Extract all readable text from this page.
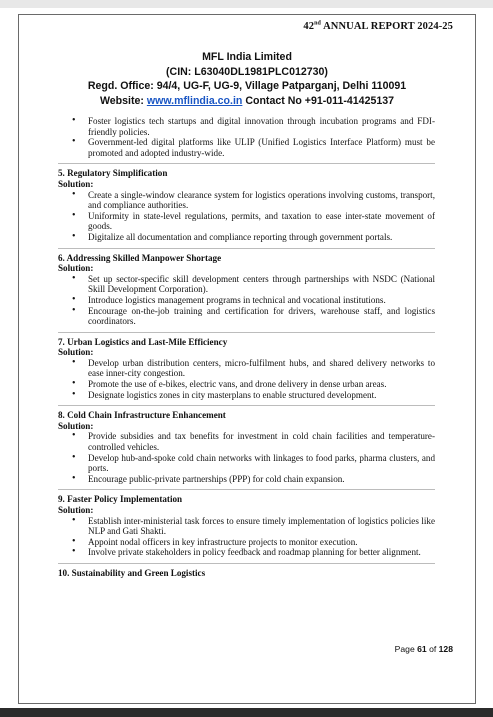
42nd ANNUAL REPORT 2024-25
MFL India Limited
(CIN: L63040DL1981PLC012730)
Regd. Office: 94/4, UG-F, UG-9, Village Patparganj, Delhi 110091
Website: www.mflindia.co.in Contact No +91-011-41425137
• Foster logistics tech startups and digital innovation through incubation programs and FDI-friendly policies.
• Government-led digital platforms like ULIP (Unified Logistics Interface Platform) must be promoted and adopted industry-wide.
5. Regulatory Simplification
Solution:
• Create a single-window clearance system for logistics operations involving customs, transport, and compliance authorities.
• Uniformity in state-level regulations, permits, and taxation to ease inter-state movement of goods.
• Digitalize all documentation and compliance reporting through government portals.
6. Addressing Skilled Manpower Shortage
Solution:
• Set up sector-specific skill development centers through partnerships with NSDC (National Skill Development Corporation).
• Introduce logistics management programs in technical and vocational institutions.
• Encourage on-the-job training and certification for drivers, warehouse staff, and logistics coordinators.
7. Urban Logistics and Last-Mile Efficiency
Solution:
• Develop urban distribution centers, micro-fulfilment hubs, and shared delivery networks to ease inner-city congestion.
• Promote the use of e-bikes, electric vans, and drone delivery in dense urban areas.
• Designate logistics zones in city masterplans to enable structured development.
8. Cold Chain Infrastructure Enhancement
Solution:
• Provide subsidies and tax benefits for investment in cold chain facilities and temperature-controlled vehicles.
• Develop hub-and-spoke cold chain networks with linkages to food parks, pharma clusters, and ports.
• Encourage public-private partnerships (PPP) for cold chain expansion.
9. Faster Policy Implementation
Solution:
• Establish inter-ministerial task forces to ensure timely implementation of logistics policies like NLP and Gati Shakti.
• Appoint nodal officers in key infrastructure projects to monitor execution.
• Involve private stakeholders in policy feedback and roadmap planning for better alignment.
10. Sustainability and Green Logistics
Page 61 of 128
